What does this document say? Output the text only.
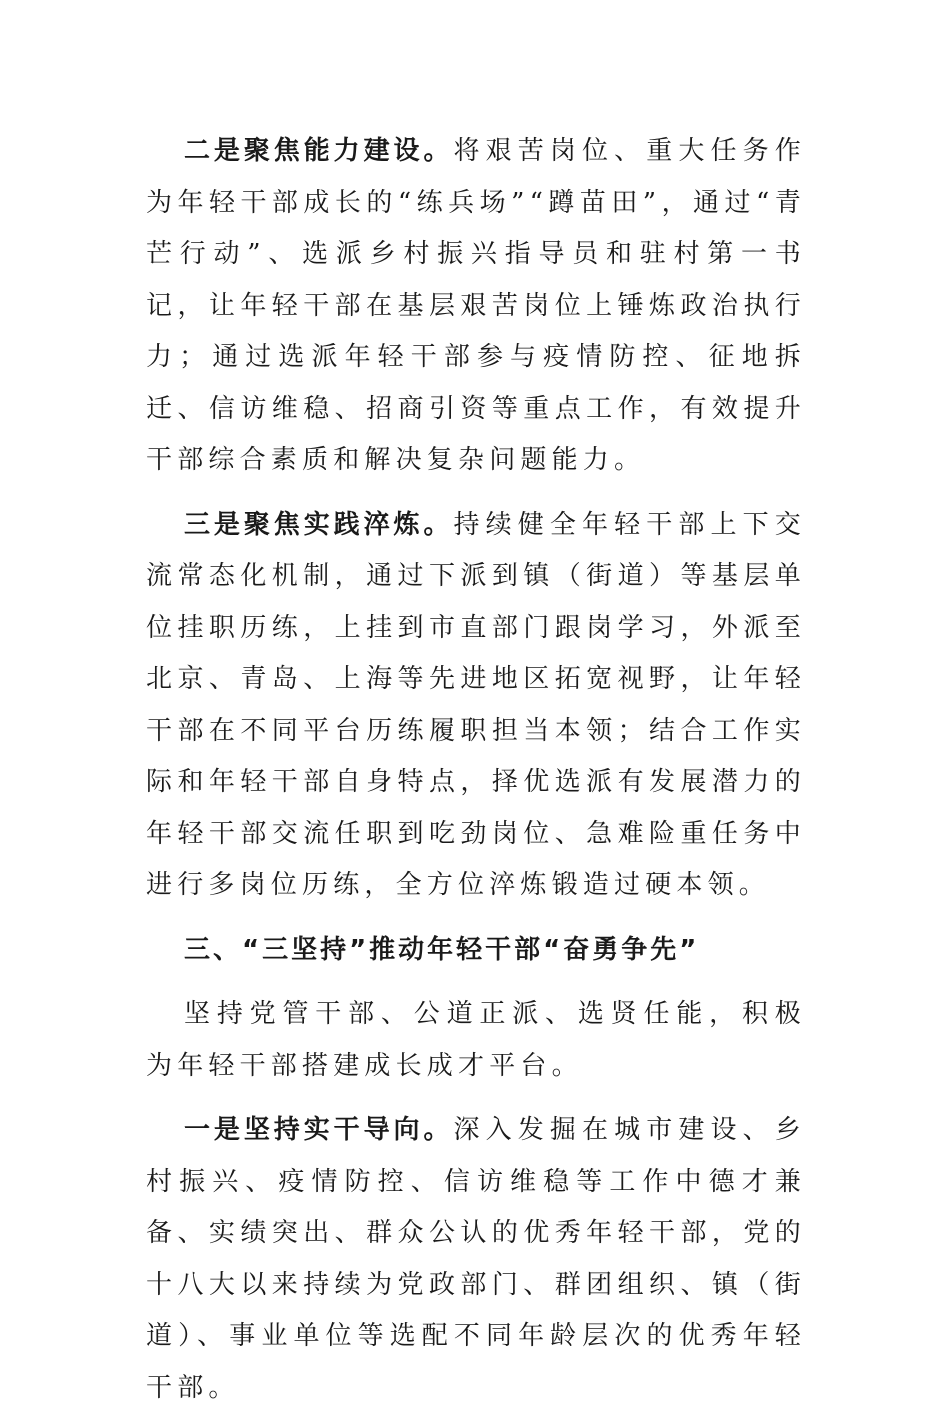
二是聚焦能力建设。将艰苦岗位、重大任务作为年轻干部成长的“练兵场”“蹲苗田”，通过“青芒行动”、选派乡村振兴指导员和驻村第一书记，让年轻干部在基层艰苦岗位上锤炼政治执行力；通过选派年轻干部参与疫情防控、征地拆迁、信访维稳、招商引资等重点工作，有效提升干部综合素质和解决复杂问题能力。

三是聚焦实践淬炼。持续健全年轻干部上下交流常态化机制，通过下派到镇（街道）等基层单位挂职历练，上挂到市直部门跟岗学习，外派至北京、青岛、上海等先进地区拓宽视野，让年轻干部在不同平台历练履职担当本领；结合工作实际和年轻干部自身特点，择优选派有发展潜力的年轻干部交流任职到吃劲岗位、急难险重任务中进行多岗位历练，全方位淬炼锻造过硬本领。

三、“三坚持”推动年轻干部“奋勇争先”

坚持党管干部、公道正派、选贤任能，积极为年轻干部搭建成长成才平台。

一是坚持实干导向。深入发掘在城市建设、乡村振兴、疫情防控、信访维稳等工作中德才兼备、实绩突出、群众公认的优秀年轻干部，党的十八大以来持续为党政部门、群团组织、镇（街道）、事业单位等选配不同年龄层次的优秀年轻干部。
